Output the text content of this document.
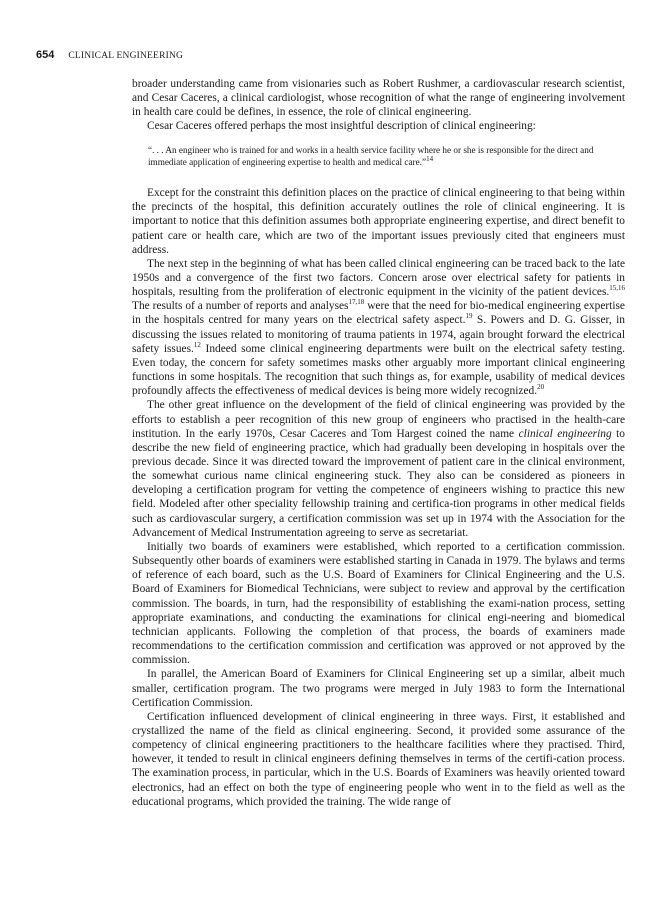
654 CLINICAL ENGINEERING

broader understanding came from visionaries such as Robert Rushmer, a cardiovascular research scientist, and Cesar Caceres, a clinical cardiologist, whose recognition of what the range of engineering involvement in health care could be defines, in essence, the role of clinical engineering.

Cesar Caceres offered perhaps the most insightful description of clinical engineering:

“. . . An engineer who is trained for and works in a health service facility where he or she is responsible for the direct and immediate application of engineering expertise to health and medical care.”$^{14}$

Except for the constraint this definition places on the practice of clinical engineering to that being within the precincts of the hospital, this definition accurately outlines the role of clinical engineering. It is important to notice that this definition assumes both appropriate engineering expertise, and direct benefit to patient care or health care, which are two of the important issues previously cited that engineers must address.

The next step in the beginning of what has been called clinical engineering can be traced back to the late 1950s and a convergence of the first two factors. Concern arose over electrical safety for patients in hospitals, resulting from the proliferation of electronic equipment in the vicinity of the patient devices.$^{15,16}$ The results of a number of reports and analyses$^{17,18}$ were that the need for bio-medical engineering expertise in the hospitals centred for many years on the electrical safety aspect.$^{19}$ S. Powers and D. G. Gisser, in discussing the issues related to monitoring of trauma patients in 1974, again brought forward the electrical safety issues.$^{12}$ Indeed some clinical engineering departments were built on the electrical safety testing. Even today, the concern for safety sometimes masks other arguably more important clinical engineering functions in some hospitals. The recognition that such things as, for example, usability of medical devices profoundly affects the effectiveness of medical devices is being more widely recognized.$^{20}$

The other great influence on the development of the field of clinical engineering was provided by the efforts to establish a peer recognition of this new group of engineers who practised in the health-care institution. In the early 1970s, Cesar Caceres and Tom Hargest coined the name clinical engineering to describe the new field of engineering practice, which had gradually been developing in hospitals over the previous decade. Since it was directed toward the improvement of patient care in the clinical environment, the somewhat curious name clinical engineering stuck. They also can be considered as pioneers in developing a certification program for vetting the competence of engineers wishing to practice this new field. Modeled after other speciality fellowship training and certifica-tion programs in other medical fields such as cardiovascular surgery, a certification commission was set up in 1974 with the Association for the Advancement of Medical Instrumentation agreeing to serve as secretariat.

Initially two boards of examiners were established, which reported to a certification commission. Subsequently other boards of examiners were established starting in Canada in 1979. The bylaws and terms of reference of each board, such as the U.S. Board of Examiners for Clinical Engineering and the U.S. Board of Examiners for Biomedical Technicians, were subject to review and approval by the certification commission. The boards, in turn, had the responsibility of establishing the exami-nation process, setting appropriate examinations, and conducting the examinations for clinical engi-neering and biomedical technician applicants. Following the completion of that process, the boards of examiners made recommendations to the certification commission and certification was approved or not approved by the commission.

In parallel, the American Board of Examiners for Clinical Engineering set up a similar, albeit much smaller, certification program. The two programs were merged in July 1983 to form the International Certification Commission.

Certification influenced development of clinical engineering in three ways. First, it established and crystallized the name of the field as clinical engineering. Second, it provided some assurance of the competency of clinical engineering practitioners to the healthcare facilities where they practised. Third, however, it tended to result in clinical engineers defining themselves in terms of the certifi-cation process. The examination process, in particular, which in the U.S. Boards of Examiners was heavily oriented toward electronics, had an effect on both the type of engineering people who went in to the field as well as the educational programs, which provided the training. The wide range of
